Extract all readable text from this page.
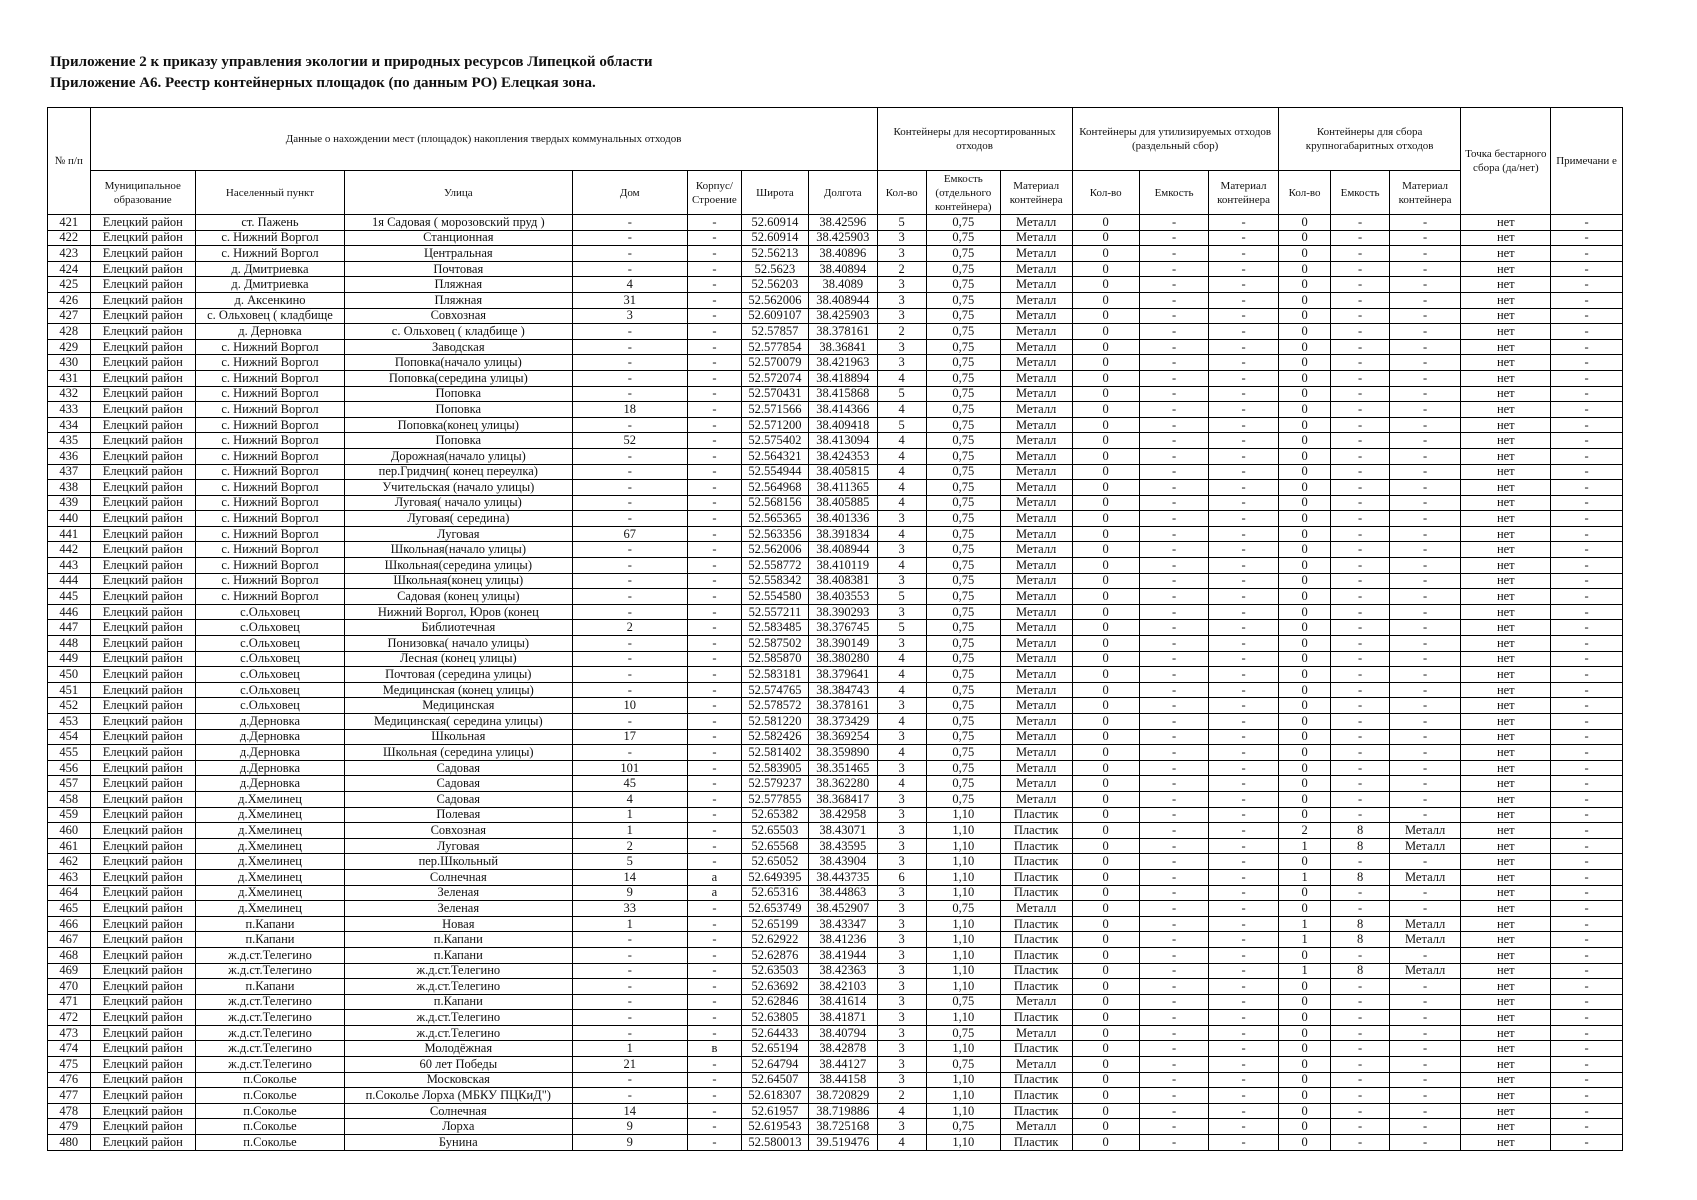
Приложение 2 к приказу управления экологии и природных ресурсов Липецкой области
Приложение А6. Реестр контейнерных площадок (по данным РО) Елецкая зона.
№ п/п	Данные о нахождении мест (площадок) накопления твердых коммунальных отходов							Контейнеры для несортированных отходов			Контейнеры для утилизируемых отходов (раздельный сбор)			Контейнеры для сбора крупногабаритных отходов			Точка бестарного сбора (да/нет)	Примечани е
	Муниципальное образование	Населенный пункт	Улица	Дом	Корпус/ Строение	Широта	Долгота	Кол-во	Емкость (отдельного контейнера)	Материал контейнера	Кол-во	Емкость	Материал контейнера	Кол-во	Емкость	Материал контейнера		
421	Елецкий район	ст. Пажень	1я Садовая ( морозовский пруд )	-	-	52.60914	38.42596	5	0,75	Металл	0	-	-	0	-	-	нет	-
422	Елецкий район	с. Нижний Воргол	Станционная	-	-	52.60914	38.425903	3	0,75	Металл	0	-	-	0	-	-	нет	-
423	Елецкий район	с. Нижний Воргол	Центральная	-	-	52.56213	38.40896	3	0,75	Металл	0	-	-	0	-	-	нет	-
424	Елецкий район	д. Дмитриевка	Почтовая	-	-	52.5623	38.40894	2	0,75	Металл	0	-	-	0	-	-	нет	-
425	Елецкий район	д. Дмитриевка	Пляжная	4	-	52.56203	38.4089	3	0,75	Металл	0	-	-	0	-	-	нет	-
426	Елецкий район	д. Аксенкино	Пляжная	31	-	52.562006	38.408944	3	0,75	Металл	0	-	-	0	-	-	нет	-
427	Елецкий район	с. Ольховец ( кладбище	Совхозная	3	-	52.609107	38.425903	3	0,75	Металл	0	-	-	0	-	-	нет	-
428	Елецкий район	д. Дерновка	с. Ольховец ( кладбище )	-	-	52.57857	38.378161	2	0,75	Металл	0	-	-	0	-	-	нет	-
429	Елецкий район	с. Нижний Воргол	Заводская	-	-	52.577854	38.36841	3	0,75	Металл	0	-	-	0	-	-	нет	-
430	Елецкий район	с. Нижний Воргол	Поповка(начало улицы)	-	-	52.570079	38.421963	3	0,75	Металл	0	-	-	0	-	-	нет	-
431	Елецкий район	с. Нижний Воргол	Поповка(середина улицы)	-	-	52.572074	38.418894	4	0,75	Металл	0	-	-	0	-	-	нет	-
432	Елецкий район	с. Нижний Воргол	Поповка	-	-	52.570431	38.415868	5	0,75	Металл	0	-	-	0	-	-	нет	-
433	Елецкий район	с. Нижний Воргол	Поповка	18	-	52.571566	38.414366	4	0,75	Металл	0	-	-	0	-	-	нет	-
434	Елецкий район	с. Нижний Воргол	Поповка(конец улицы)	-	-	52.571200	38.409418	5	0,75	Металл	0	-	-	0	-	-	нет	-
435	Елецкий район	с. Нижний Воргол	Поповка	52	-	52.575402	38.413094	4	0,75	Металл	0	-	-	0	-	-	нет	-
436	Елецкий район	с. Нижний Воргол	Дорожная(начало улицы)	-	-	52.564321	38.424353	4	0,75	Металл	0	-	-	0	-	-	нет	-
437	Елецкий район	с. Нижний Воргол	пер.Гридчин( конец переулка)	-	-	52.554944	38.405815	4	0,75	Металл	0	-	-	0	-	-	нет	-
438	Елецкий район	с. Нижний Воргол	Учительская (начало улицы)	-	-	52.564968	38.411365	4	0,75	Металл	0	-	-	0	-	-	нет	-
439	Елецкий район	с. Нижний Воргол	Луговая( начало улицы)	-	-	52.568156	38.405885	4	0,75	Металл	0	-	-	0	-	-	нет	-
440	Елецкий район	с. Нижний Воргол	Луговая( середина)	-	-	52.565365	38.401336	3	0,75	Металл	0	-	-	0	-	-	нет	-
441	Елецкий район	с. Нижний Воргол	Луговая	67	-	52.563356	38.391834	4	0,75	Металл	0	-	-	0	-	-	нет	-
442	Елецкий район	с. Нижний Воргол	Школьная(начало улицы)	-	-	52.562006	38.408944	3	0,75	Металл	0	-	-	0	-	-	нет	-
443	Елецкий район	с. Нижний Воргол	Школьная(середина улицы)	-	-	52.558772	38.410119	4	0,75	Металл	0	-	-	0	-	-	нет	-
444	Елецкий район	с. Нижний Воргол	Школьная(конец улицы)	-	-	52.558342	38.408381	3	0,75	Металл	0	-	-	0	-	-	нет	-
445	Елецкий район	с. Нижний Воргол	Садовая (конец улицы)	-	-	52.554580	38.403553	5	0,75	Металл	0	-	-	0	-	-	нет	-
446	Елецкий район	с.Ольховец	Нижний Воргол, Юров (конец	-	-	52.557211	38.390293	3	0,75	Металл	0	-	-	0	-	-	нет	-
447	Елецкий район	с.Ольховец	Библиотечная	2	-	52.583485	38.376745	5	0,75	Металл	0	-	-	0	-	-	нет	-
448	Елецкий район	с.Ольховец	Понизовка( начало улицы)	-	-	52.587502	38.390149	3	0,75	Металл	0	-	-	0	-	-	нет	-
449	Елецкий район	с.Ольховец	Лесная (конец улицы)	-	-	52.585870	38.380280	4	0,75	Металл	0	-	-	0	-	-	нет	-
450	Елецкий район	с.Ольховец	Почтовая (середина улицы)	-	-	52.583181	38.379641	4	0,75	Металл	0	-	-	0	-	-	нет	-
451	Елецкий район	с.Ольховец	Медицинская (конец улицы)	-	-	52.574765	38.384743	4	0,75	Металл	0	-	-	0	-	-	нет	-
452	Елецкий район	с.Ольховец	Медицинская	10	-	52.578572	38.378161	3	0,75	Металл	0	-	-	0	-	-	нет	-
453	Елецкий район	д.Дерновка	Медицинская( середина улицы)	-	-	52.581220	38.373429	4	0,75	Металл	0	-	-	0	-	-	нет	-
454	Елецкий район	д.Дерновка	Школьная	17	-	52.582426	38.369254	3	0,75	Металл	0	-	-	0	-	-	нет	-
455	Елецкий район	д.Дерновка	Школьная (середина улицы)	-	-	52.581402	38.359890	4	0,75	Металл	0	-	-	0	-	-	нет	-
456	Елецкий район	д.Дерновка	Садовая	101	-	52.583905	38.351465	3	0,75	Металл	0	-	-	0	-	-	нет	-
457	Елецкий район	д.Дерновка	Садовая	45	-	52.579237	38.362280	4	0,75	Металл	0	-	-	0	-	-	нет	-
458	Елецкий район	д.Хмелинец	Садовая	4	-	52.577855	38.368417	3	0,75	Металл	0	-	-	0	-	-	нет	-
459	Елецкий район	д.Хмелинец	Полевая	1	-	52.65382	38.42958	3	1,10	Пластик	0	-	-	0	-	-	нет	-
460	Елецкий район	д.Хмелинец	Совхозная	1	-	52.65503	38.43071	3	1,10	Пластик	0	-	-	2	8	Металл	нет	-
461	Елецкий район	д.Хмелинец	Луговая	2	-	52.65568	38.43595	3	1,10	Пластик	0	-	-	1	8	Металл	нет	-
462	Елецкий район	д.Хмелинец	пер.Школьный	5	-	52.65052	38.43904	3	1,10	Пластик	0	-	-	0	-	-	нет	-
463	Елецкий район	д.Хмелинец	Солнечная	14	а	52.649395	38.443735	6	1,10	Пластик	0	-	-	1	8	Металл	нет	-
464	Елецкий район	д.Хмелинец	Зеленая	9	а	52.65316	38.44863	3	1,10	Пластик	0	-	-	0	-	-	нет	-
465	Елецкий район	д.Хмелинец	Зеленая	33	-	52.653749	38.452907	3	0,75	Металл	0	-	-	0	-	-	нет	-
466	Елецкий район	п.Капани	Новая	1	-	52.65199	38.43347	3	1,10	Пластик	0	-	-	1	8	Металл	нет	-
467	Елецкий район	п.Капани	п.Капани	-	-	52.62922	38.41236	3	1,10	Пластик	0	-	-	1	8	Металл	нет	-
468	Елецкий район	ж.д.ст.Телегино	п.Капани	-	-	52.62876	38.41944	3	1,10	Пластик	0	-	-	0	-	-	нет	-
469	Елецкий район	ж.д.ст.Телегино	ж.д.ст.Телегино	-	-	52.63503	38.42363	3	1,10	Пластик	0	-	-	1	8	Металл	нет	-
470	Елецкий район	п.Капани	ж.д.ст.Телегино	-	-	52.63692	38.42103	3	1,10	Пластик	0	-	-	0	-	-	нет	-
471	Елецкий район	ж.д.ст.Телегино	п.Капани	-	-	52.62846	38.41614	3	0,75	Металл	0	-	-	0	-	-	нет	-
472	Елецкий район	ж.д.ст.Телегино	ж.д.ст.Телегино	-	-	52.63805	38.41871	3	1,10	Пластик	0	-	-	0	-	-	нет	-
473	Елецкий район	ж.д.ст.Телегино	ж.д.ст.Телегино	-	-	52.64433	38.40794	3	0,75	Металл	0	-	-	0	-	-	нет	-
474	Елецкий район	ж.д.ст.Телегино	Молодёжная	1	в	52.65194	38.42878	3	1,10	Пластик	0	-	-	0	-	-	нет	-
475	Елецкий район	ж.д.ст.Телегино	60 лет Победы	21	-	52.64794	38.44127	3	0,75	Металл	0	-	-	0	-	-	нет	-
476	Елецкий район	п.Соколье	Московская	-	-	52.64507	38.44158	3	1,10	Пластик	0	-	-	0	-	-	нет	-
477	Елецкий район	п.Соколье	п.Соколье Лорха (МБКУ ПЦКиД")	-	-	52.618307	38.720829	2	1,10	Пластик	0	-	-	0	-	-	нет	-
478	Елецкий район	п.Соколье	Солнечная	14	-	52.61957	38.719886	4	1,10	Пластик	0	-	-	0	-	-	нет	-
479	Елецкий район	п.Соколье	Лорха	9	-	52.619543	38.725168	3	0,75	Металл	0	-	-	0	-	-	нет	-
480	Елецкий район	п.Соколье	Бунина	9	-	52.580013	39.519476	4	1,10	Пластик	0	-	-	0	-	-	нет	-
